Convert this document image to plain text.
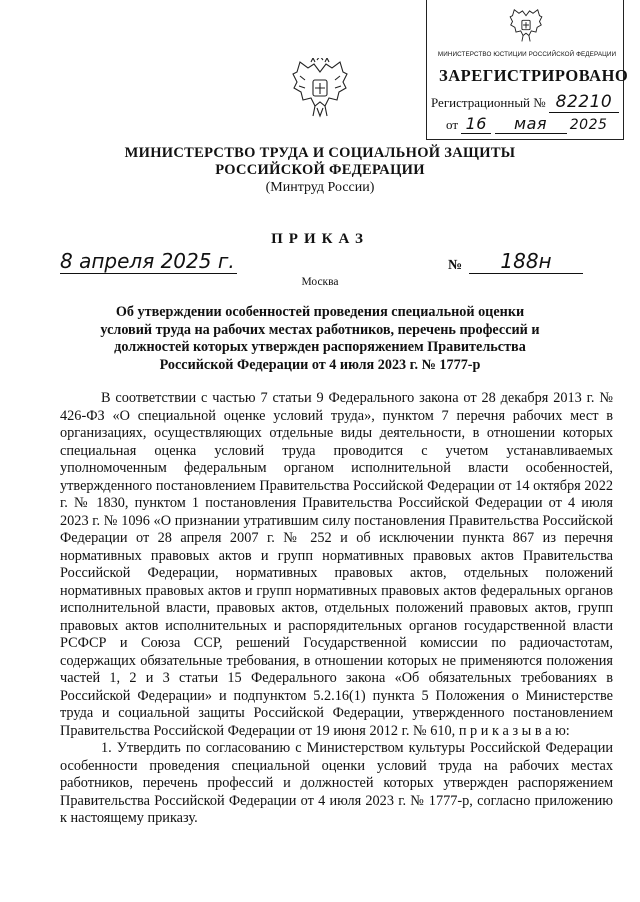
МИНИСТЕРСТВО ЮСТИЦИИ РОССИЙСКОЙ ФЕДЕРАЦИИ
ЗАРЕГИСТРИРОВАНО
Регистрационный № 82210
от 16 мая 2025
МИНИСТЕРСТВО ТРУДА И СОЦИАЛЬНОЙ ЗАЩИТЫ
РОССИЙСКОЙ ФЕДЕРАЦИИ
(Минтруд России)
ПРИКАЗ
8 апреля 2025 г.
Москва
№	188н
Об утверждении особенностей проведения специальной оценки условий труда на рабочих местах работников, перечень профессий и должностей которых утвержден распоряжением Правительства Российской Федерации от 4 июля 2023 г. № 1777-р

В соответствии с частью 7 статьи 9 Федерального закона от 28 декабря 2013 г. № 426-ФЗ «О специальной оценке условий труда», пунктом 7 перечня рабочих мест в организациях, осуществляющих отдельные виды деятельности, в отношении которых специальная оценка условий труда проводится с учетом устанавливаемых уполномоченным федеральным органом исполнительной власти особенностей, утвержденного постановлением Правительства Российской Федерации от 14 октября 2022 г. № 1830, пунктом 1 постановления Правительства Российской Федерации от 4 июля 2023 г. № 1096 «О признании утратившим силу постановления Правительства Российской Федерации от 28 апреля 2007 г. № 252 и об исключении пункта 867 из перечня нормативных правовых актов и групп нормативных правовых актов Правительства Российской Федерации, нормативных правовых актов, отдельных положений нормативных правовых актов и групп нормативных правовых актов федеральных органов исполнительной власти, правовых актов, отдельных положений правовых актов, групп правовых актов исполнительных и распорядительных органов государственной власти РСФСР и Союза ССР, решений Государственной комиссии по радиочастотам, содержащих обязательные требования, в отношении которых не применяются положения частей 1, 2 и 3 статьи 15 Федерального закона «Об обязательных требованиях в Российской Федерации» и подпунктом 5.2.16(1) пункта 5 Положения о Министерстве труда и социальной защиты Российской Федерации, утвержденного постановлением Правительства Российской Федерации от 19 июня 2012 г. № 610, п р и к а з ы в а ю:

1. Утвердить по согласованию с Министерством культуры Российской Федерации особенности проведения специальной оценки условий труда на рабочих местах работников, перечень профессий и должностей которых утвержден распоряжением Правительства Российской Федерации от 4 июля 2023 г. № 1777-р, согласно приложению к настоящему приказу.
